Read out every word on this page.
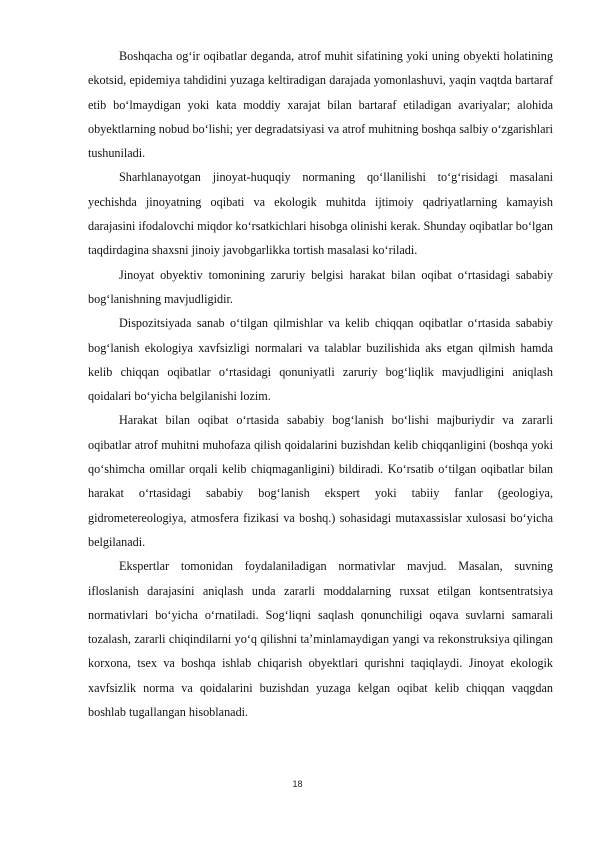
Boshqacha og‘ir oqibatlar deganda, atrof muhit sifatining yoki uning obyekti holatining ekotsid, epidemiya tahdidini yuzaga keltiradigan darajada yomonlashuvi, yaqin vaqtda bartaraf etib bo‘lmaydigan yoki kata moddiy xarajat bilan bartaraf etiladigan avariyalar; alohida obyektlarning nobud bo‘lishi; yer degradatsiyasi va atrof muhitning boshqa salbiy o‘zgarishlari tushuniladi.

Sharhlanayotgan jinoyat-huquqiy normaning qo‘llanilishi to‘g‘risidagi masalani yechishda jinoyatning oqibati va ekologik muhitda ijtimoiy qadriyatlarning kamayish darajasini ifodalovchi miqdor ko‘rsatkichlari hisobga olinishi kerak. Shunday oqibatlar bo‘lgan taqdirdagina shaxsni jinoiy javobgarlikka tortish masalasi ko‘riladi.

Jinoyat obyektiv tomonining zaruriy belgisi harakat bilan oqibat o‘rtasidagi sababiy bog‘lanishning mavjudligidir.

Dispozitsiyada sanab o‘tilgan qilmishlar va kelib chiqqan oqibatlar o‘rtasida sababiy bog‘lanish ekologiya xavfsizligi normalari va talablar buzilishida aks etgan qilmish hamda kelib chiqqan oqibatlar o‘rtasidagi qonuniyatli zaruriy bog‘liqlik mavjudligini aniqlash qoidalari bo‘yicha belgilanishi lozim.

Harakat bilan oqibat o‘rtasida sababiy bog‘lanish bo‘lishi majburiydir va zararli oqibatlar atrof muhitni muhofaza qilish qoidalarini buzishdan kelib chiqqanligini (boshqa yoki qo‘shimcha omillar orqali kelib chiqmaganligini) bildiradi. Ko‘rsatib o‘tilgan oqibatlar bilan harakat o‘rtasidagi sababiy bog‘lanish ekspert yoki tabiiy fanlar (geologiya, gidrometereologiya, atmosfera fizikasi va boshq.) sohasidagi mutaxassislar xulosasi bo‘yicha belgilanadi.

Ekspertlar tomonidan foydalaniladigan normativlar mavjud. Masalan, suvning ifloslanish darajasini aniqlash unda zararli moddalarning ruxsat etilgan kontsentratsiya normativlari bo‘yicha o‘rnatiladi. Sog‘liqni saqlash qonunchiligi oqava suvlarni samarali tozalash, zararli chiqindilarni yo‘q qilishni ta’minlamaydigan yangi va rekonstruksiya qilingan korxona, tsex va boshqa ishlab chiqarish obyektlari qurishni taqiqlaydi. Jinoyat ekologik xavfsizlik norma va qoidalarini buzishdan yuzaga kelgan oqibat kelib chiqqan vaqgdan boshlab tugallangan hisoblanadi.

18
